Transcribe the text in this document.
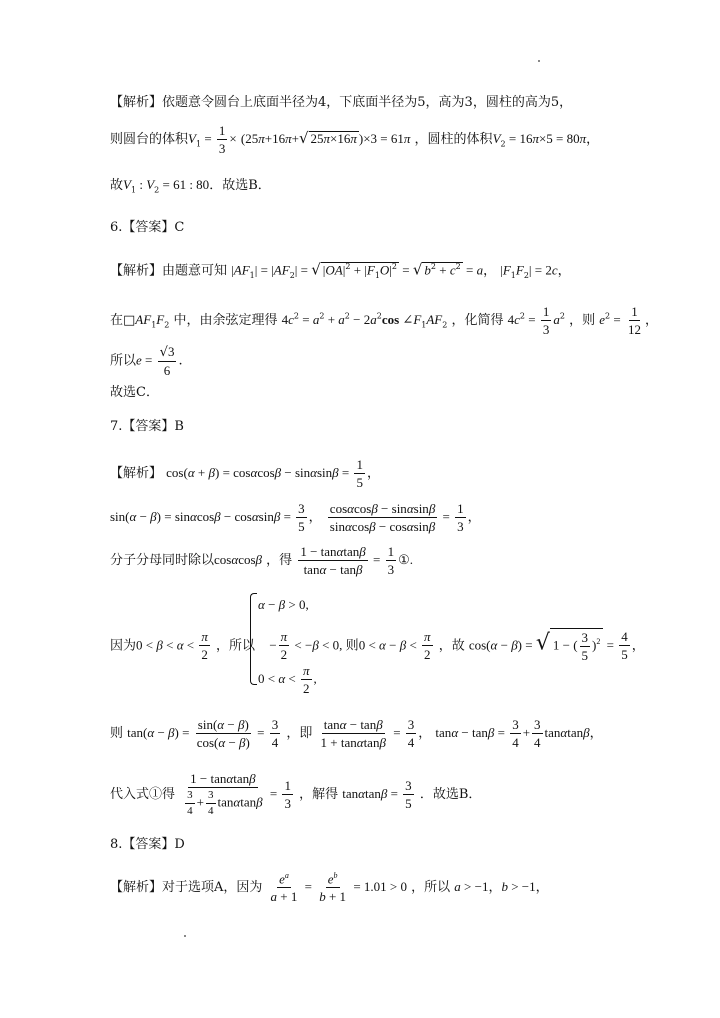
【解析】依题意令圆台上底面半径为4，下底面半径为5，高为3，圆柱的高为5，
则圆台的体积$V_1 = \frac{1}{3} \times (25\pi+16\pi+√$ 25π×16π )×3 = 61π ，圆柱的体积$V_2 = 16\pi\times 5 = 80\pi$，
故$V_1$ : $V_2 = 61$ : 80．故选B．
6.【答案】C
【解析】由题意可知 $|AF_1| = |AF_2|$ = √ $|OA|^2 + |F_1O|^2$ = √ $b^2 + c^2 = a$， $|F_1F_2| = 2c$，
在$□AF_1F_2$ 中，由余弦定理得 $4c^2 = a^2 + a^2 - 2a^2\cos$ $\angle F_1AF_2$ ，化简得 $4c^2 = \frac{1}{3} a^2$ ，则 $e^2 = \frac{1}{12}$ ，
所以$e = \frac{√3}{6}$ .
故选C．
7.【答案】B
【解析】 $\cos(\alpha + \beta) = \cos\alpha\cos\beta - \sin\alpha\sin\beta = \frac{1}{5}$ ，
$\sin(\alpha - \beta) = \sin\alpha\cos\beta - \cos\alpha\sin\beta = \frac{3}{5}$ ， $\frac{\cos\alpha\cos\beta - \sin\alpha\sin\beta}{\sin\alpha\cos\beta - \cos\alpha\sin\beta} = \frac{1}{3}$ ，
分子分母同时除以cosαcosβ ，得 $\frac{1 - \tan\alpha\tan\beta}{\tan\alpha - \tan\beta} = \frac{1}{3}$ ①.
α − β > 0,
因为$0 < \beta < \alpha < \frac{\pi}{2}$ ，所以 − $\frac{\pi}{2} < -\beta < 0$, 则$0 < \alpha - \beta < \frac{\pi}{2}$ ，故 cos(α − β) = √ 1 − ( $\frac{3}{5} )^2 = \frac{4}{5}$ ，
$0 < \alpha < \frac{\pi}{2}$ ,
则 $\tan(\alpha - \beta) = \frac{\sin(\alpha - \beta)}{\cos(\alpha - \beta)} = \frac{3}{4}$ ，即 $\frac{\tan\alpha - \tan\beta}{1 + \tan\alpha\tan\beta} = \frac{3}{4}$ ， $\tan\alpha - \tan\beta = \frac{3}{4} + \frac{3}{4}$ tanαtanβ，
代入式①得 $\frac{1 - \tan\alpha\tan\beta}{\frac{3}{4} + \frac{3}{4} \tan\alpha\tan\beta} = \frac{1}{3}$ ，解得 $\tan\alpha\tan\beta = \frac{3}{5}$ ．故选B．
8.【答案】D
【解析】对于选项A，因为 $\frac{e^a}{a + 1} = \frac{e^b}{b + 1} = 1.01 > 0$ ，所以 a > −1，b > −1，
